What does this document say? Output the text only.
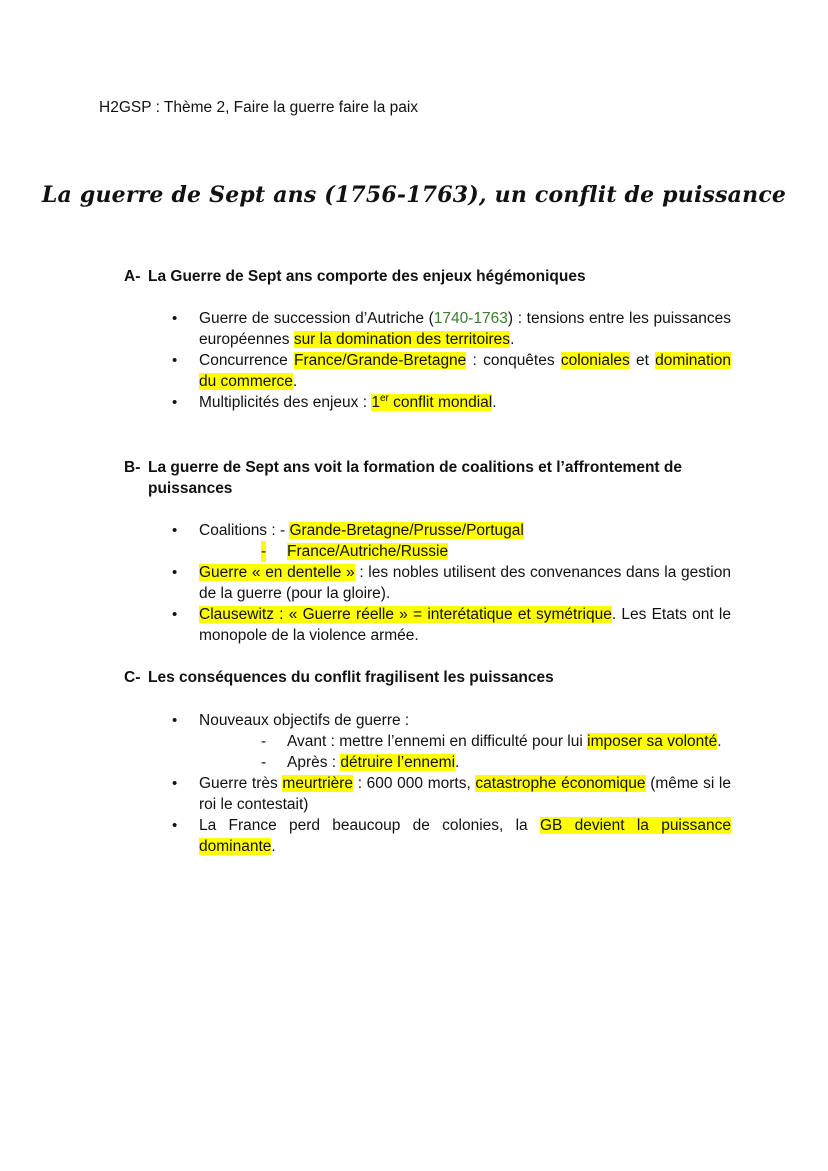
H2GSP : Thème 2, Faire la guerre faire la paix
La guerre de Sept ans (1756-1763), un conflit de puissance
A- La Guerre de Sept ans comporte des enjeux hégémoniques
• Guerre de succession d’Autriche (1740-1763) : tensions entre les puissances européennes sur la domination des territoires.
• Concurrence France/Grande-Bretagne : conquêtes coloniales et domination du commerce.
• Multiplicités des enjeux : 1er conflit mondial.
B- La guerre de Sept ans voit la formation de coalitions et l’affrontement de
puissances
• Coalitions : - Grande-Bretagne/Prusse/Portugal
-	France/Autriche/Russie
• Guerre « en dentelle » : les nobles utilisent des convenances dans la gestion de la guerre (pour la gloire).
• Clausewitz : « Guerre réelle » = interétatique et symétrique. Les Etats ont le monopole de la violence armée.
C- Les conséquences du conflit fragilisent les puissances
• Nouveaux objectifs de guerre :
-	Avant : mettre l’ennemi en difficulté pour lui imposer sa volonté.
-	Après : détruire l’ennemi.
• Guerre très meurtrière : 600 000 morts, catastrophe économique (même si le roi le contestait)
• La France perd beaucoup de colonies, la GB devient la puissance dominante.
